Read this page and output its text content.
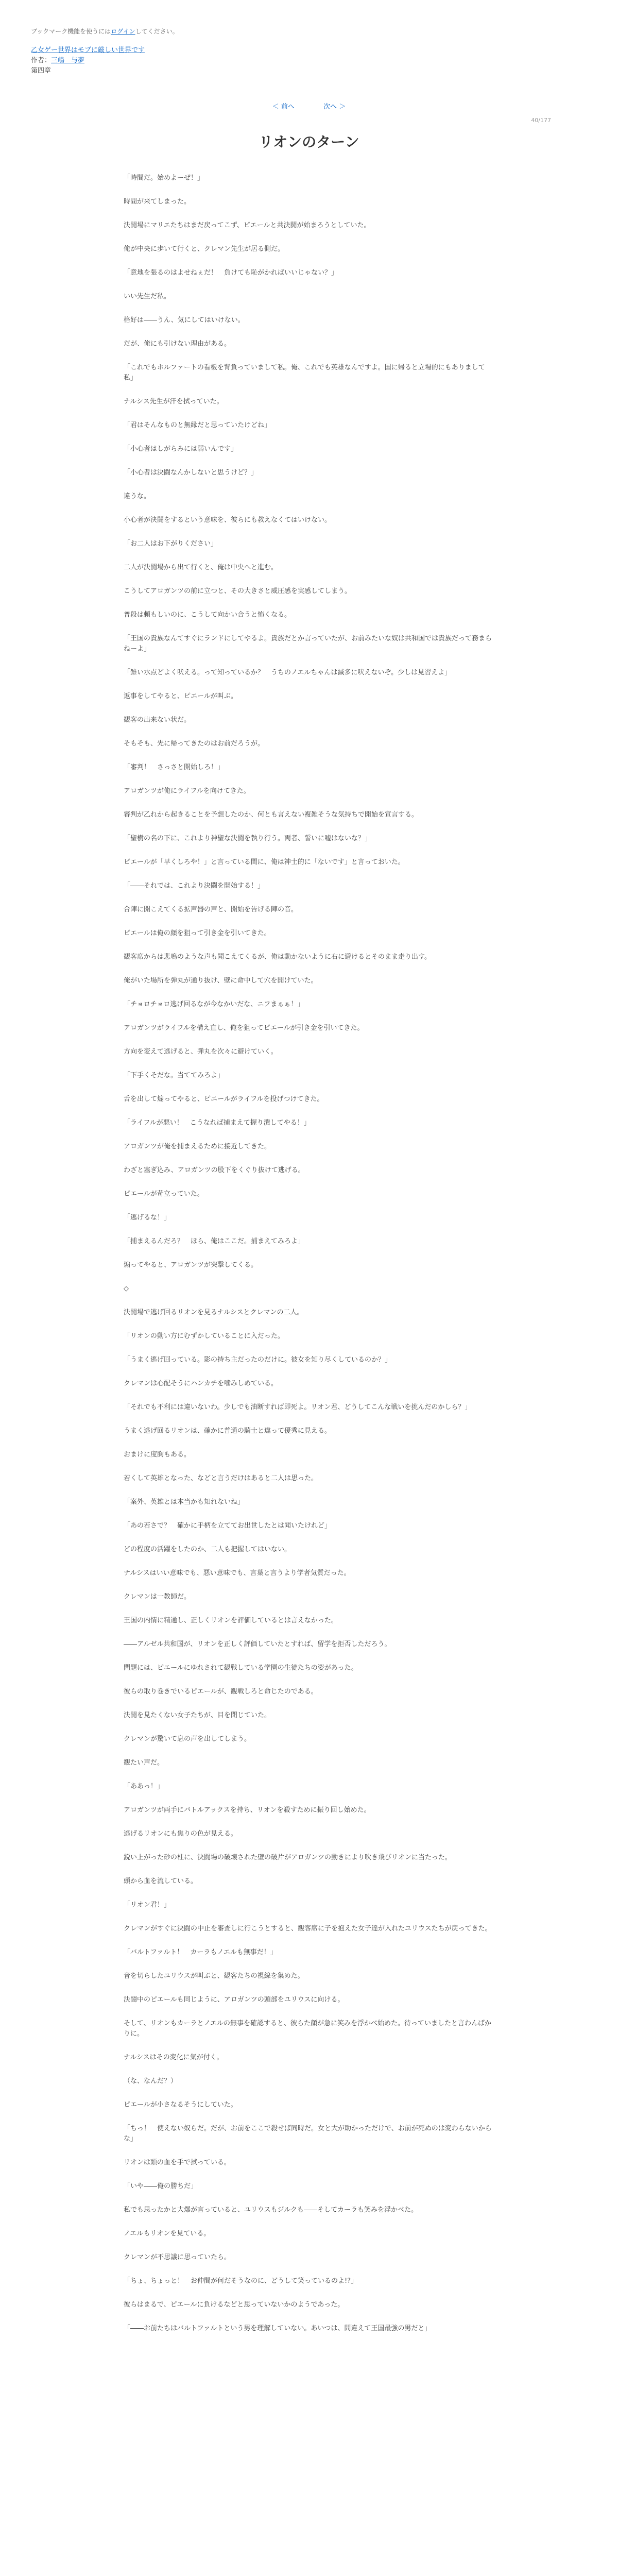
ブックマーク機能を使うにはログインしてください。
乙女ゲー世界はモブに厳しい世界です
作者：三嶋　与夢
第四章
＜ 前へ	次へ ＞
40/177
リオンのターン

「時間だ。始めよーぜ！」

時間が来てしまった。

決闘場にマリエたちはまだ戻ってこず、ピエールと共決闘が始まろうとしていた。

俺が中央に歩いて行くと、クレマン先生が居る側だ。

「意地を張るのはよせねぇだ！　負けても恥がかればいいじゃない？」

いい先生だ私。

格好は――うん、気にしてはいけない。

だが、俺にも引けない理由がある。

「これでもホルファートの看板を背負っていまして私。俺、これでも英雄なんですよ。国に帰ると立場的にもありまして私」

ナルシス先生が汗を拭っていた。

「君はそんなものと無縁だと思っていたけどね」

「小心者はしがらみには弱いんです」

「小心者は決闘なんかしないと思うけど？」

違うな。

小心者が決闘をするという意味を、彼らにも教えなくてはいけない。

「お二人はお下がりください」

二人が決闘場から出て行くと、俺は中央へと進む。

こうしてアロガンツの前に立つと、その大きさと威圧感を実感してしまう。

普段は頼もしいのに、こうして向かい合うと怖くなる。

「王国の貴族なんてすぐにランドにしてやるよ。貴族だとか言っていたが、お前みたいな奴は共和国では貴族だって務まらねーよ」

「雑い水点どよく吠える。って知っているか？　うちのノエルちゃんは滅多に吠えないぞ。少しは見習えよ」

返事をしてやると、ピエールが叫ぶ。

観客の出来ない状だ。

そもそも、先に帰ってきたのはお前だろうが。

「審判！　さっさと開始しろ！」

アロガンツが俺にライフルを向けてきた。

審判が乙れから起きることを予想したのか、何とも言えない複雑そうな気持ちで開始を宣言する。

「聖樹の名の下に、これより神聖な決闘を執り行う。両者、誓いに嘘はないな？」

ピエールが「早くしろや！」と言っている間に、俺は神士的に「ないです」と言っておいた。

「――それでは、これより決闘を開始する！」

合陣に開こえてくる拡声器の声と、開始を告げる陣の音。

ピエールは俺の顔を狙って引き金を引いてきた。

観客席からは悲鳴のような声も聞こえてくるが、俺は動かないように右に避けるとそのまま走り出す。

俺がいた場所を弾丸が通り抜け、壁に命中して穴を開けていた。

「チョロチョロ逃げ回るなが今なかいだな、ニフまぁぁ！」

アロガンツがライフルを構え直し、俺を狙ってピエールが引き金を引いてきた。

方向を変えて逃げると、弾丸を次々に避けていく。

「下手くそだな。当ててみろよ」

舌を出して煽ってやると、ピエールがライフルを投げつけてきた。

「ライフルが悪い！　こうなれば捕まえて握り潰してやる！」

アロガンツが俺を捕まえるために接近してきた。

わざと塞ぎ込み、アロガンツの股下をくぐり抜けて逃げる。

ピエールが苛立っていた。

「逃げるな！」

「捕まえるんだろ？　ほら、俺はここだ。捕まえてみろよ」

煽ってやると、アロガンツが突撃してくる。

◇

決闘場で逃げ回るリオンを見るナルシスとクレマンの二人。

「リオンの動い方にむずかしていることに入だった。

「うまく逃げ回っている。影の持ち主だったのだけに。彼女を知り尽くしているのか？」

クレマンは心配そうにハンカチを噛みしめている。

「それでも不利には違いないわ。少しでも油断すれば即死よ。リオン君、どうしてこんな戦いを挑んだのかしら？」

うまく逃げ回るリオンは、確かに普通の騎士と違って優秀に見える。

おまけに度胸もある。

若くして英雄となった、などと言うだけはあると二人は思った。

「案外、英雄とは本当かも知れないね」

「あの若さで？　確かに手柄を立ててお出世したとは聞いたけれど」

どの程度の活躍をしたのか、二人も把握してはいない。

ナルシスはいい意味でも、悪い意味でも、言葉と言うより学者気質だった。

クレマンは一教師だ。

王国の内情に精通し、正しくリオンを評価しているとは言えなかった。

――アルゼル共和国が、リオンを正しく評価していたとすれば、留学を拒否しただろう。

問題には、ピエールにゆれされて観戦している学園の生徒たちの姿があった。

彼らの取り巻きでいるピエールが、観戦しろと命じたのである。

決闘を見たくない女子たちが、目を閉じていた。

クレマンが驚いて息の声を出してしまう。

観たい声だ。

「ああっ！」

アロガンツが両手にバトルアックスを持ち、リオンを殺すために振り回し始めた。

逃げるリオンにも焦りの色が見える。

鋭い上がった砂の柱に、決闘場の破壊された壁の破片がアロガンツの動きにより吹き飛びリオンに当たった。

頭から血を流している。

「リオン君！」

クレマンがすぐに決闘の中止を審査しに行こうとすると、観客席に子を抱えた女子達が入れたユリウスたちが戻ってきた。

「バルトファルト！　カーラもノエルも無事だ！」

音を切らしたユリウスが叫ぶと、観客たちの視線を集めた。

決闘中のピエールも同じように、アロガンツの頭部をユリウスに向ける。

そして、リオンもカーラとノエルの無事を確認すると、彼らた顔が急に笑みを浮かべ始めた。待っていましたと言わんばかりに。

ナルシスはその変化に気が付く。

（な、なんだ？）

ピエールが小さなるそうにしていた。

「ちっ！　使えない奴らだ。だが、お前をここで殺せば同時だ。女と大が助かっただけで、お前が死ぬのは変わらないからな」

リオンは頭の血を手で拭っている。

「いや――俺の勝ちだ」

私でも思ったかと大爆が言っていると、ユリウスもジルクも――そしてカーラも笑みを浮かべた。

ノエルもリオンを見ている。

クレマンが不思議に思っていたら。

「ちょ、ちょっと！　お仲間が何だそうなのに、どうして笑っているのよ!?」

彼らはまるで、ピエールに負けるなどと思っていないかのようであった。

「――お前たちはバルトファルトという男を理解していない。あいつは、間違えて王国最強の男だと」
